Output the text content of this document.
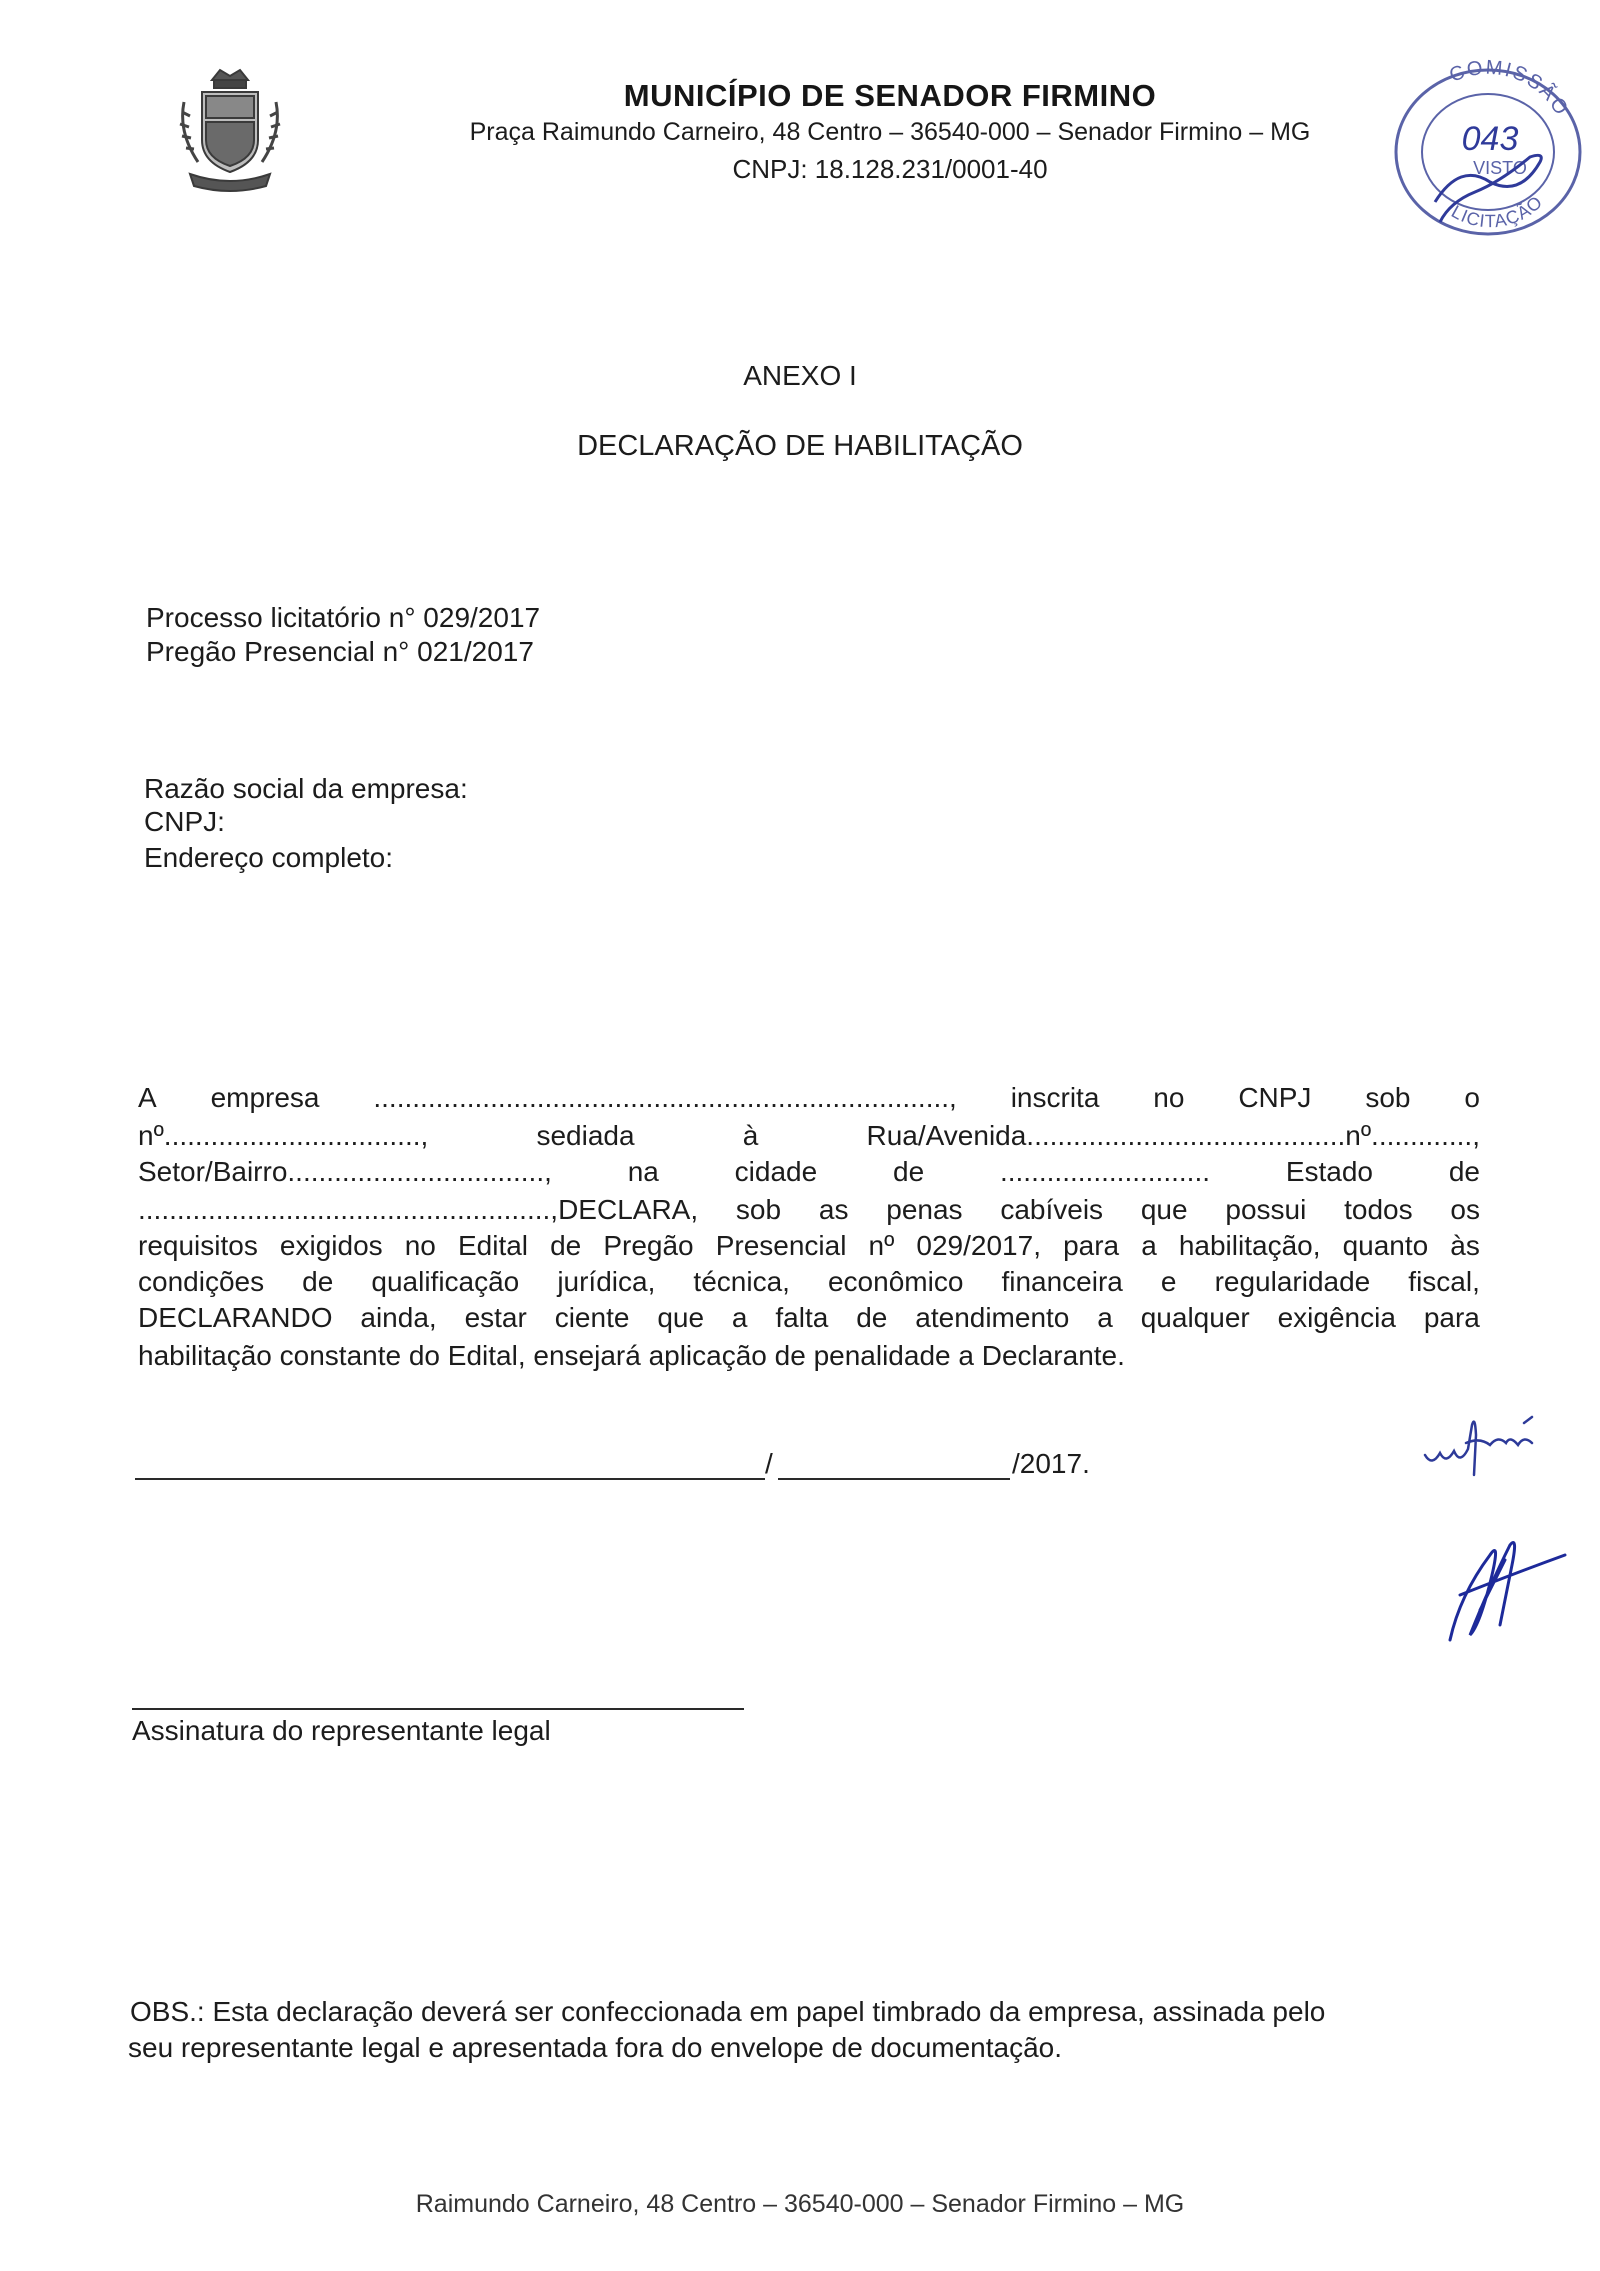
MUNICÍPIO DE SENADOR FIRMINO
Praça Raimundo Carneiro, 48 Centro – 36540-000 – Senador Firmino – MG
CNPJ: 18.128.231/0001-40
COMISSÃO
LICITAÇÃO
043
VISTO
ANEXO I
DECLARAÇÃO DE HABILITAÇÃO
Processo licitatório n° 029/2017
Pregão Presencial n° 021/2017
Razão social da empresa:
CNPJ:
Endereço completo:
A empresa .........................................................................., inscrita no CNPJ sob o
nº.................................,	sediada	à	Rua/Avenida.........................................nº.............,
Setor/Bairro.................................,	na	cidade	de	...........................	Estado	de
.....................................................,DECLARA, sob as penas cabíveis que possui todos os
requisitos exigidos no Edital de Pregão Presencial nº 029/2017, para a habilitação, quanto às
condições de qualificação jurídica, técnica, econômico financeira e regularidade fiscal,
DECLARANDO ainda, estar ciente que a falta de atendimento a qualquer exigência para
habilitação constante do Edital, ensejará aplicação de penalidade a Declarante.
/	/2017.
Assinatura do representante legal
OBS.: Esta declaração deverá ser confeccionada em papel timbrado da empresa, assinada pelo
seu representante legal e apresentada fora do envelope de documentação.
Raimundo Carneiro, 48 Centro – 36540-000 – Senador Firmino – MG
